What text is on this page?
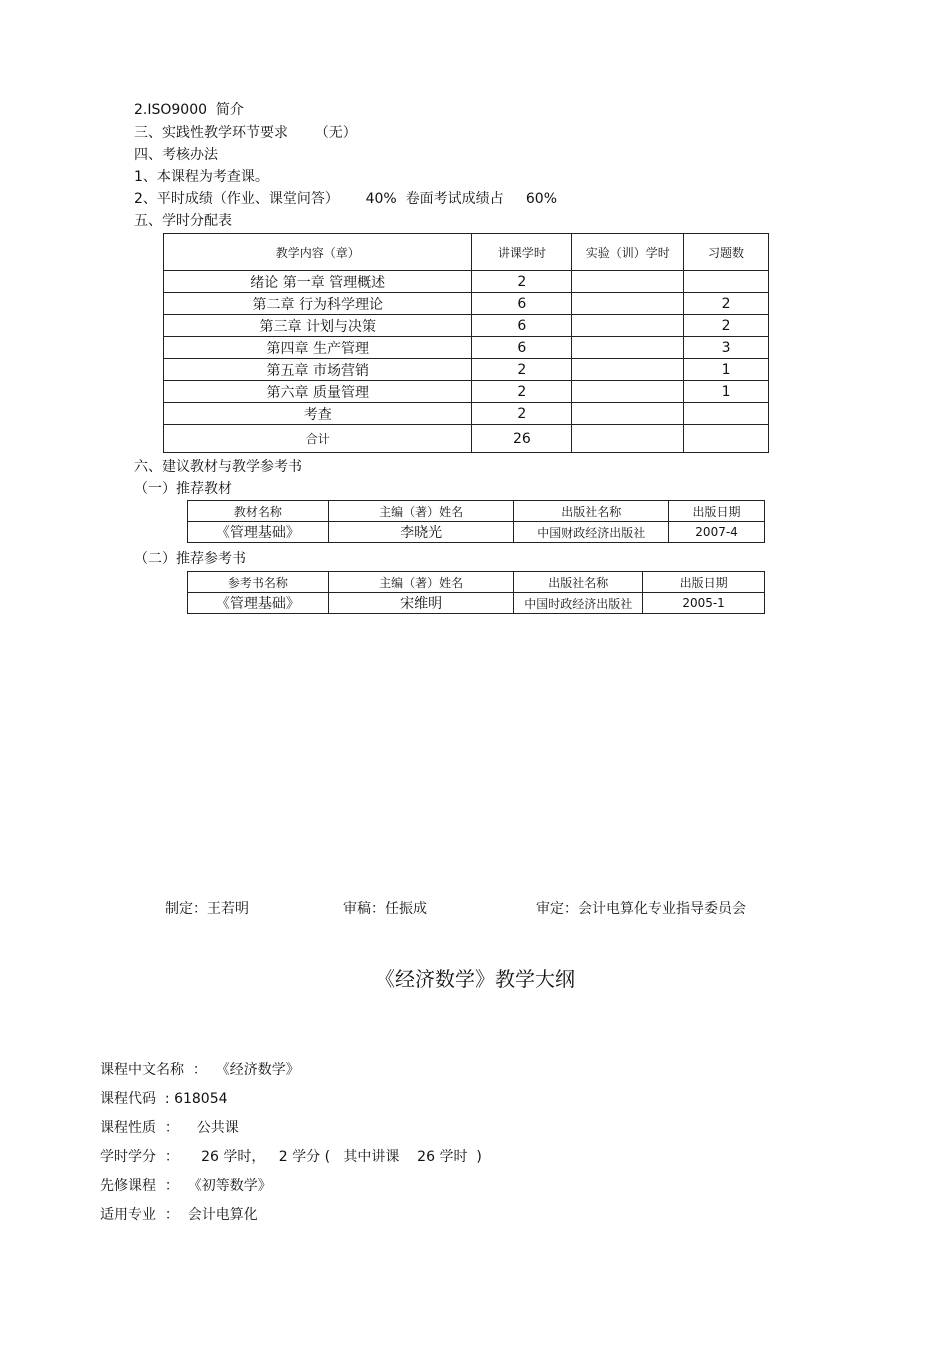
2.ISO9000  简介
三、实践性教学环节要求      （无）
四、考核办法
1、本课程为考查课。
2、平时成绩（作业、课堂问答）      40%  卷面考试成绩占     60%
五、学时分配表
教学内容（章）	讲课学时	实验（训）学时	习题数
绪论 第一章 管理概述	2		
第二章 行为科学理论	6		2
第三章 计划与决策	6		2
第四章 生产管理	6		3
第五章 市场营销	2		1
第六章 质量管理	2		1
考查	2		
合计	26		
六、建议教材与教学参考书
（一）推荐教材
教材名称	主编（著）姓名	出版社名称	出版日期
《管理基础》	李晓光	中国财政经济出版社	2007-4
（二）推荐参考书
参考书名称	主编（著）姓名	出版社名称	出版日期
《管理基础》	宋维明	中国时政经济出版社	2005-1
制定：王若明	审稿：任振成	审定：会计电算化专业指导委员会
《经济数学》教学大纲
课程中文名称  ：  《经济数学》
课程代码  : 618054
课程性质  ：    公共课
学时学分  ：     26 学时，   2 学分 (   其中讲课    26 学时  )
先修课程  ：  《初等数学》
适用专业  ：  会计电算化
